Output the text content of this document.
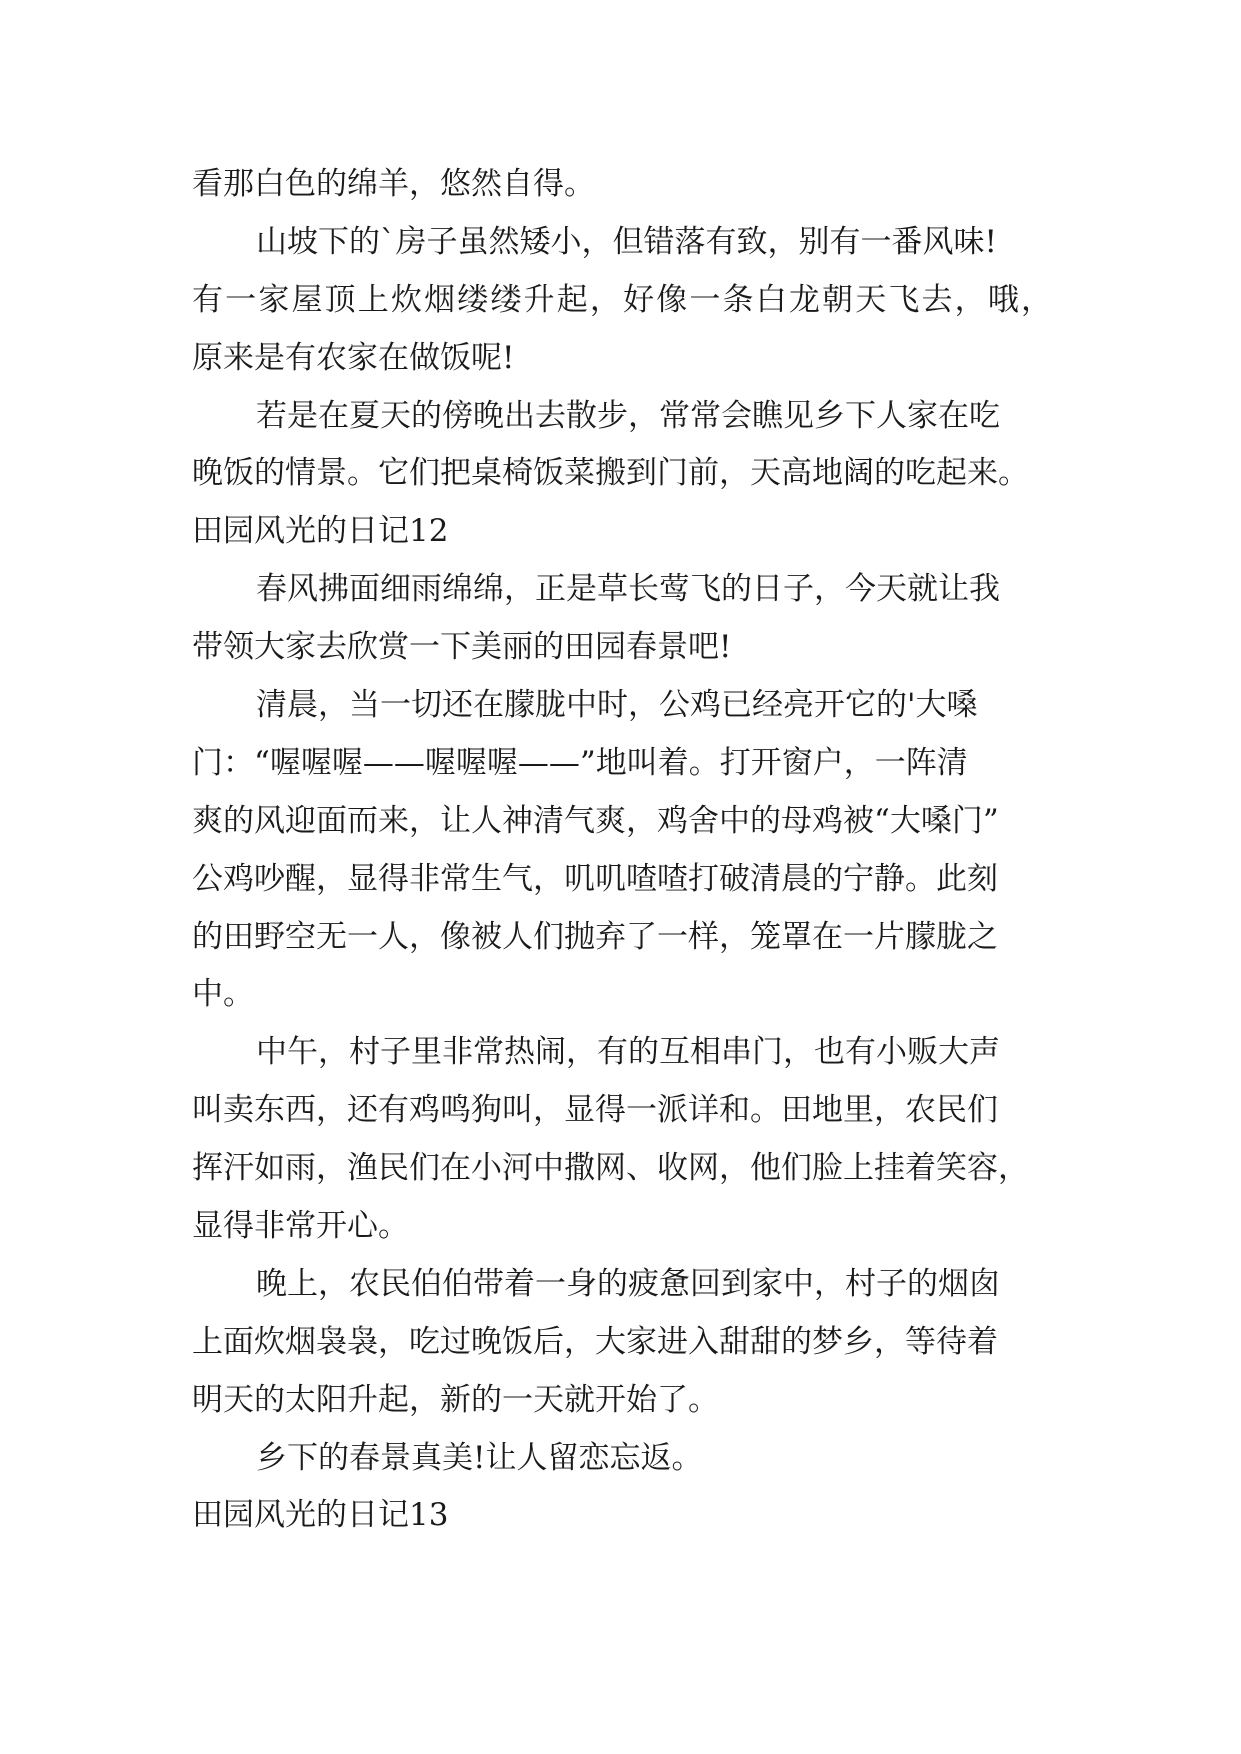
看那白色的绵羊，悠然自得。
山坡下的`房子虽然矮小，但错落有致，别有一番风味!
有一家屋顶上炊烟缕缕升起，好像一条白龙朝天飞去，哦，
原来是有农家在做饭呢!
若是在夏天的傍晚出去散步，常常会瞧见乡下人家在吃
晚饭的情景。它们把桌椅饭菜搬到门前，天高地阔的吃起来。
田园风光的日记12
春风拂面细雨绵绵，正是草长莺飞的日子，今天就让我
带领大家去欣赏一下美丽的田园春景吧!
清晨，当一切还在朦胧中时，公鸡已经亮开它的'大嗓
门：“喔喔喔——喔喔喔——”地叫着。打开窗户，一阵清
爽的风迎面而来，让人神清气爽，鸡舍中的母鸡被“大嗓门”
公鸡吵醒，显得非常生气，叽叽喳喳打破清晨的宁静。此刻
的田野空无一人，像被人们抛弃了一样，笼罩在一片朦胧之
中。
中午，村子里非常热闹，有的互相串门，也有小贩大声
叫卖东西，还有鸡鸣狗叫，显得一派详和。田地里，农民们
挥汗如雨，渔民们在小河中撒网、收网，他们脸上挂着笑容，
显得非常开心。
晚上，农民伯伯带着一身的疲惫回到家中，村子的烟囱
上面炊烟袅袅，吃过晚饭后，大家进入甜甜的梦乡，等待着
明天的太阳升起，新的一天就开始了。
乡下的春景真美!让人留恋忘返。
田园风光的日记13
